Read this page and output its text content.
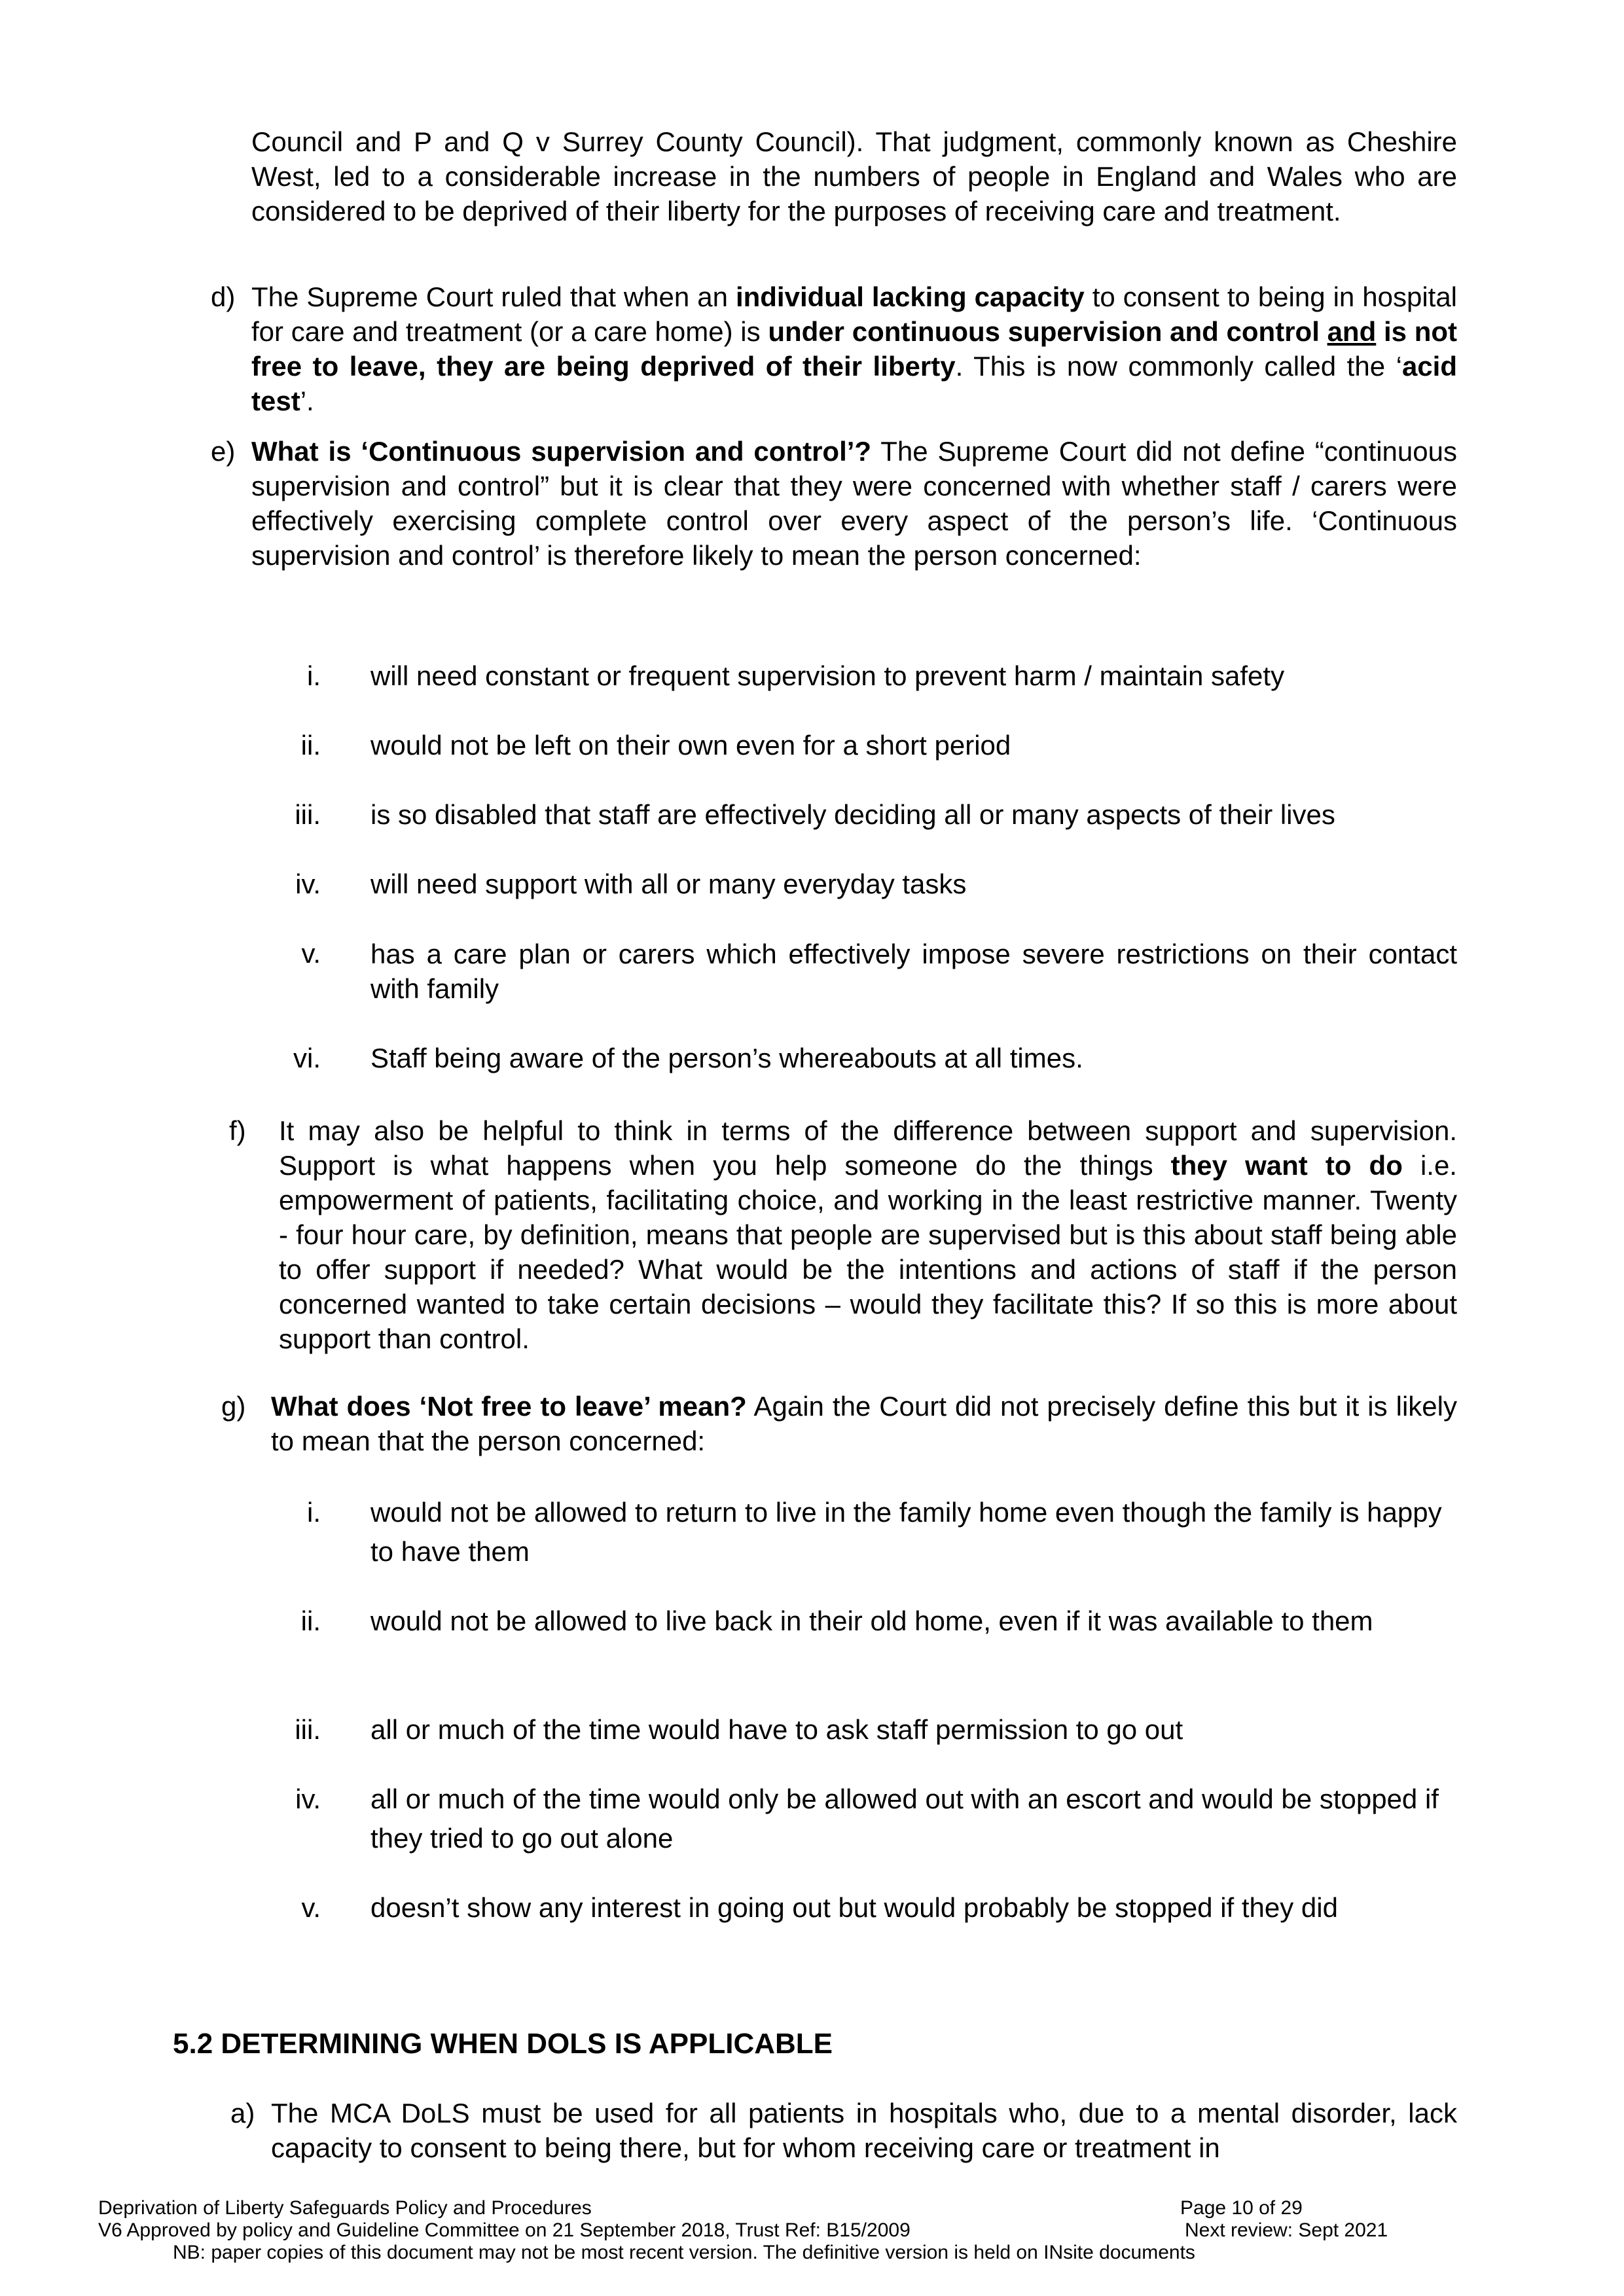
Council and P and Q v Surrey County Council). That judgment, commonly known as Cheshire West, led to a considerable increase in the numbers of people in England and Wales who are considered to be deprived of their liberty for the purposes of receiving care and treatment.
d) The Supreme Court ruled that when an individual lacking capacity to consent to being in hospital for care and treatment (or a care home) is under continuous supervision and control and is not free to leave, they are being deprived of their liberty. This is now commonly called the ‘acid test’.
e) What is ‘Continuous supervision and control’? The Supreme Court did not define “continuous supervision and control” but it is clear that they were concerned with whether staff / carers were effectively exercising complete control over every aspect of the person’s life. ‘Continuous supervision and control’ is therefore likely to mean the person concerned:
i. will need constant or frequent supervision to prevent harm / maintain safety
ii. would not be left on their own even for a short period
iii. is so disabled that staff are effectively deciding all or many aspects of their lives
iv. will need support with all or many everyday tasks
v. has a care plan or carers which effectively impose severe restrictions on their contact with family
vi. Staff being aware of the person’s whereabouts at all times.
f) It may also be helpful to think in terms of the difference between support and supervision. Support is what happens when you help someone do the things they want to do i.e. empowerment of patients, facilitating choice, and working in the least restrictive manner. Twenty - four hour care, by definition, means that people are supervised but is this about staff being able to offer support if needed? What would be the intentions and actions of staff if the person concerned wanted to take certain decisions – would they facilitate this? If so this is more about support than control.
g) What does ‘Not free to leave’ mean? Again the Court did not precisely define this but it is likely to mean that the person concerned:
i. would not be allowed to return to live in the family home even though the family is happy to have them
ii. would not be allowed to live back in their old home, even if it was available to them
iii. all or much of the time would have to ask staff permission to go out
iv. all or much of the time would only be allowed out with an escort and would be stopped if they tried to go out alone
v. doesn’t show any interest in going out but would probably be stopped if they did
5.2 DETERMINING WHEN DOLS IS APPLICABLE
a) The MCA DoLS must be used for all patients in hospitals who, due to a mental disorder, lack capacity to consent to being there, but for whom receiving care or treatment in
Deprivation of Liberty Safeguards Policy and Procedures	Page 10 of 29
V6 Approved by policy and Guideline Committee on 21 September 2018, Trust Ref: B15/2009	Next review: Sept 2021
NB: paper copies of this document may not be most recent version. The definitive version is held on INsite documents
